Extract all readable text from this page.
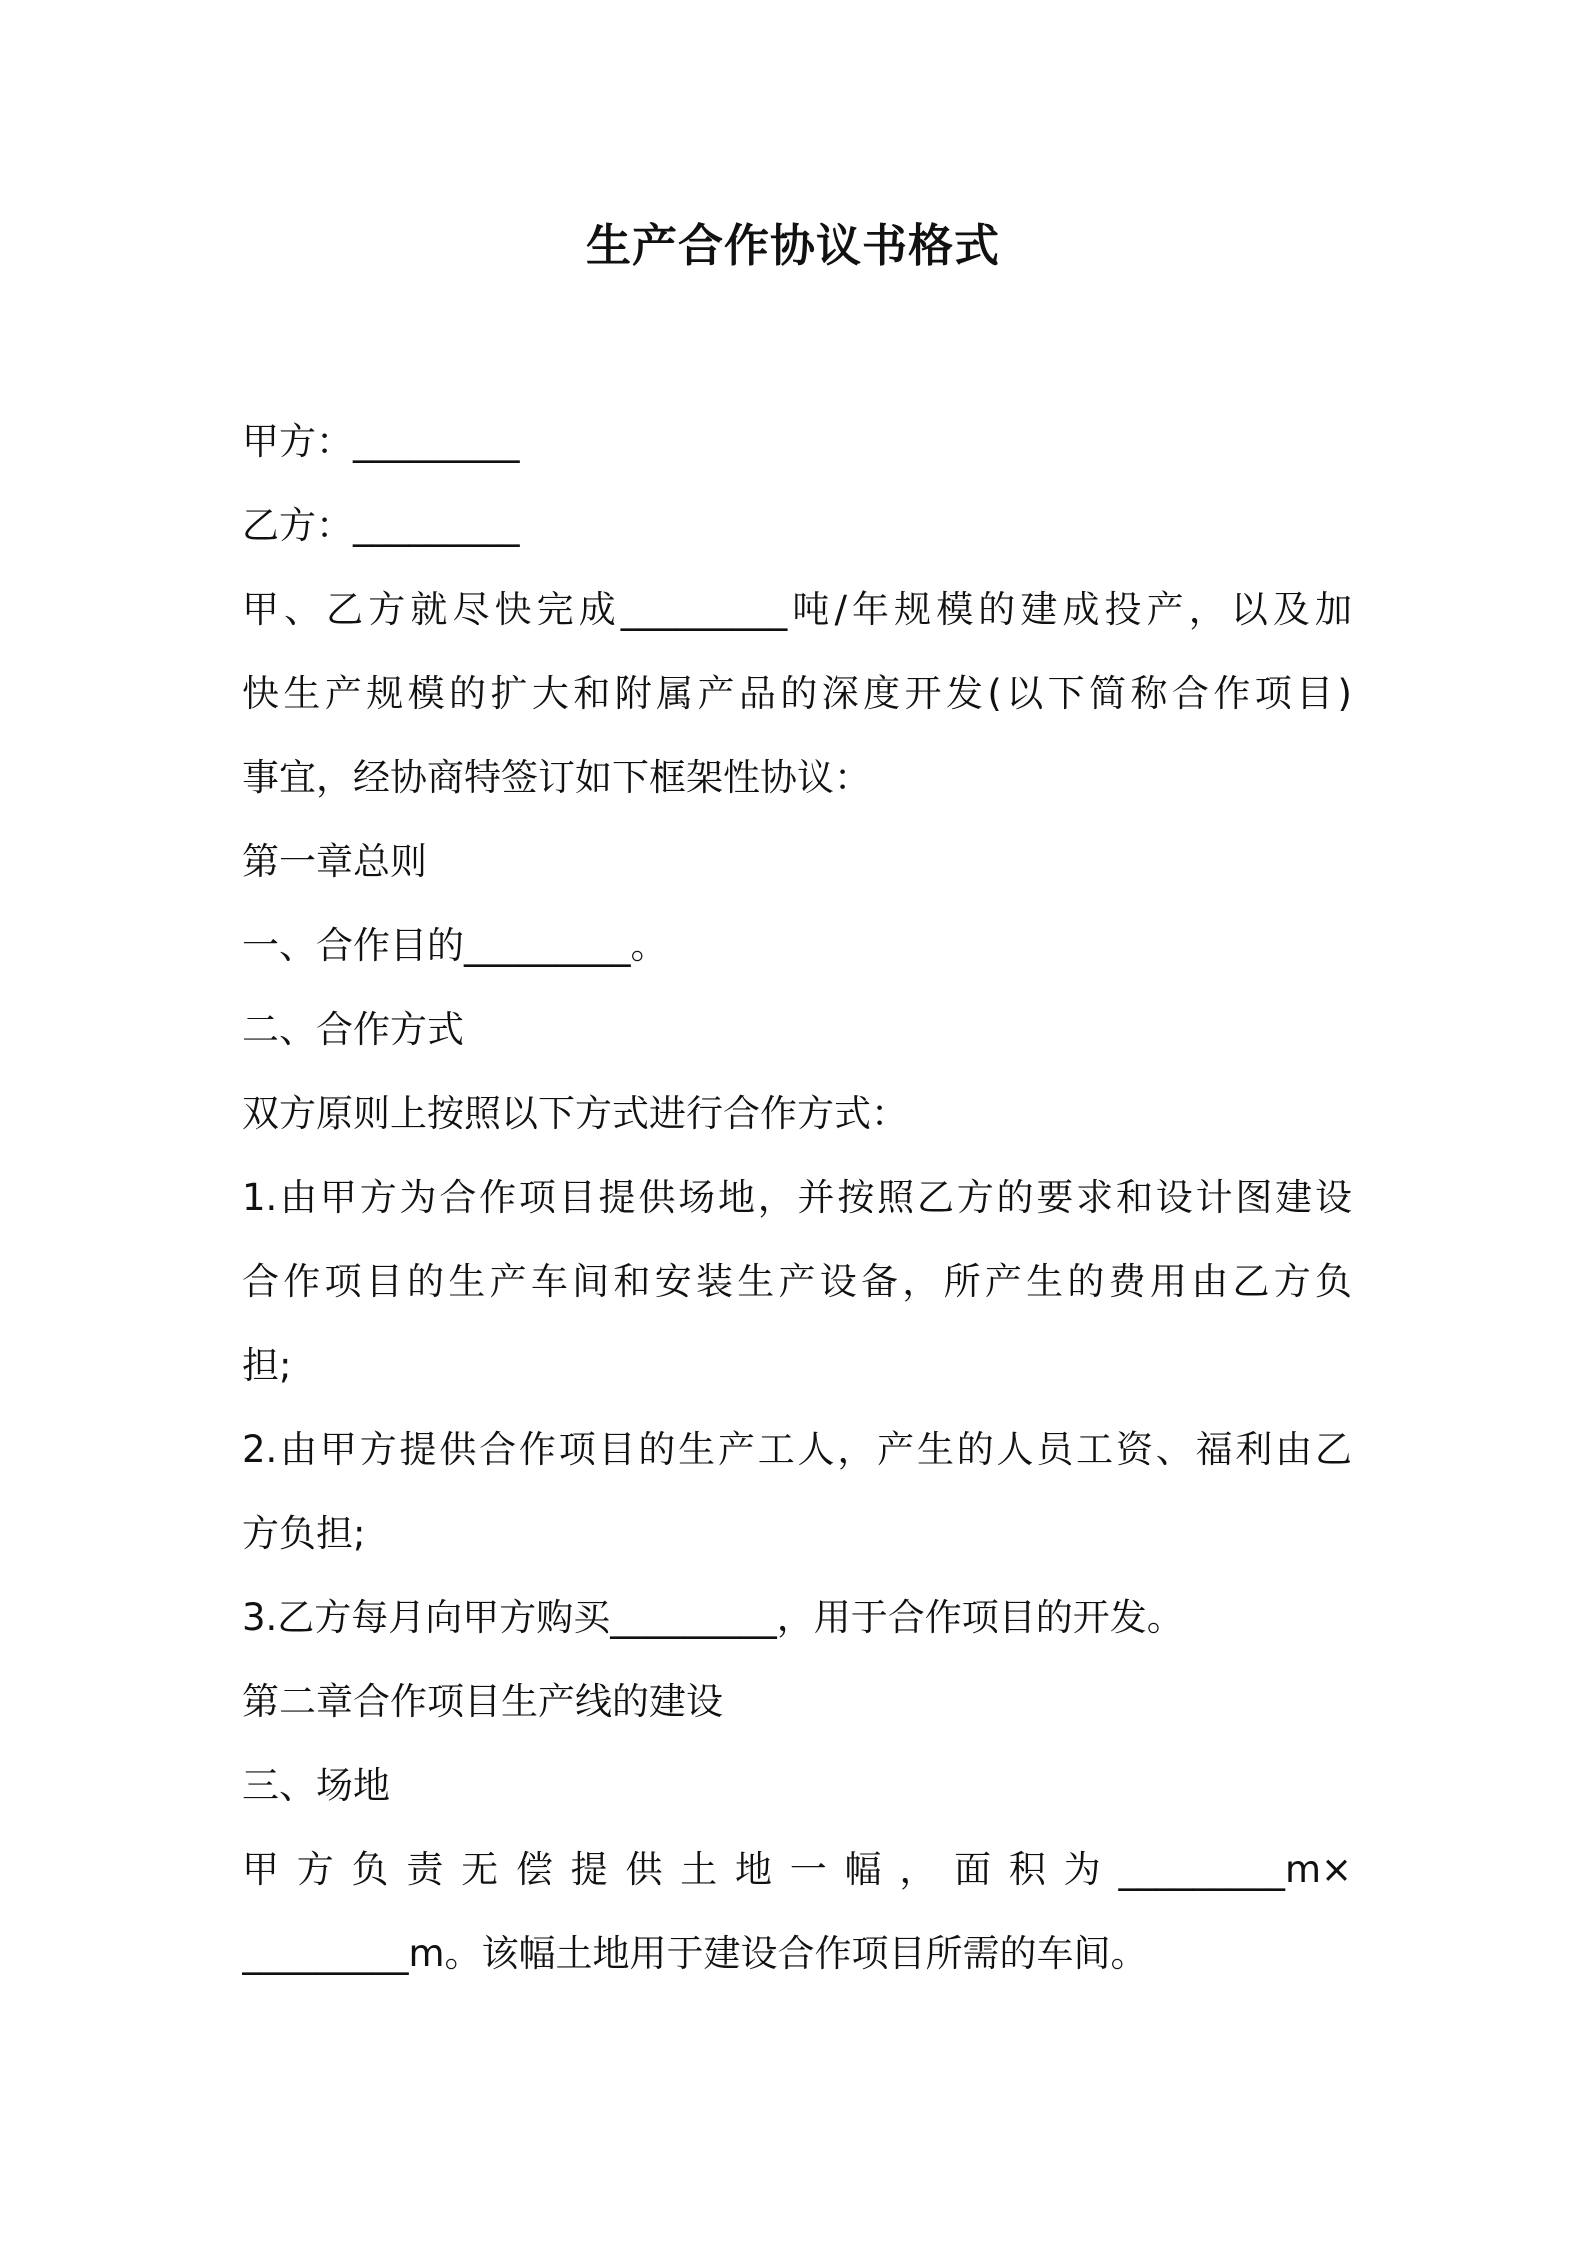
生产合作协议书格式
甲方：_________
乙方：_________
甲、乙方就尽快完成_________吨/年规模的建成投产，以及加
快生产规模的扩大和附属产品的深度开发(以下简称合作项目)
事宜，经协商特签订如下框架性协议：
第一章总则
一、合作目的_________。
二、合作方式
双方原则上按照以下方式进行合作方式：
1.由甲方为合作项目提供场地，并按照乙方的要求和设计图建设
合作项目的生产车间和安装生产设备，所产生的费用由乙方负
担;
2.由甲方提供合作项目的生产工人，产生的人员工资、福利由乙
方负担;
3.乙方每月向甲方购买_________，用于合作项目的开发。
第二章合作项目生产线的建设
三、场地
甲 方 负 责 无 偿 提 供 土 地 一 幅 ， 面 积 为 _________m×
_________m。该幅土地用于建设合作项目所需的车间。
